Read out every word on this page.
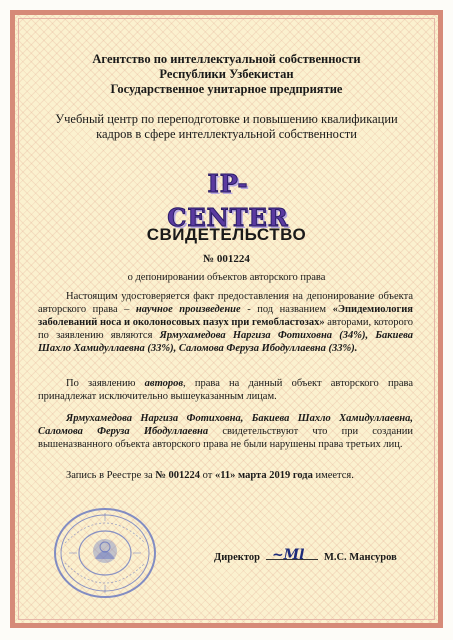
Агентство по интеллектуальной собственности
Республики Узбекистан
Государственное унитарное предприятие
Учебный центр по переподготовке и повышению квалификации
кадров в сфере интеллектуальной собственности
IP-CENTER
СВИДЕТЕЛЬСТВО
№ 001224
о депонировании объектов авторского права
Настоящим удостоверяется факт предоставления на депонирование объекта авторского права – научное произведение - под названием «Эпидемиология заболеваний носа и околоносовых пазух при гемобластозах» авторами, которого по заявлению являются Ярмухамедова Наргиза Фотиховна (34%), Бакиева Шахло Хамидуллаевна (33%), Саломова Феруза Ибодуллаевна (33%).
По заявлению авторов, права на данный объект авторского права принадлежат исключительно вышеуказанным лицам.
Ярмухамедова Наргиза Фотиховна, Бакиева Шахло Хамидуллаевна, Саломова Феруза Ибодуллаевна свидетельствуют что при создании вышеназванного объекта авторского права не были нарушены права третьих лиц.
Запись в Реестре за № 001224 от «11» марта 2019 года имеется.
Директор ~Ml М.С. Мансуров
